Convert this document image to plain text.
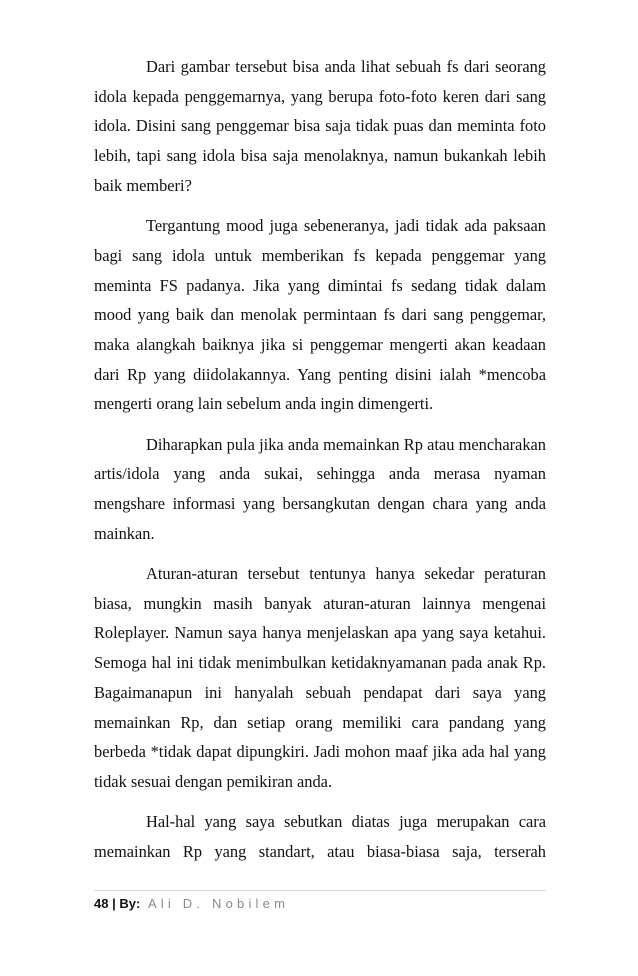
Dari gambar tersebut bisa anda lihat sebuah fs dari seorang idola kepada penggemarnya, yang berupa foto-foto keren dari sang idola. Disini sang penggemar bisa saja tidak puas dan meminta foto lebih, tapi sang idola bisa saja menolaknya, namun bukankah lebih baik memberi?

Tergantung mood juga sebeneranya, jadi tidak ada paksaan bagi sang idola untuk memberikan fs kepada penggemar yang meminta FS padanya. Jika yang dimintai fs sedang tidak dalam mood yang baik dan menolak permintaan fs dari sang penggemar, maka alangkah baiknya jika si penggemar mengerti akan keadaan dari Rp yang diidolakannya. Yang penting disini ialah *mencoba mengerti orang lain sebelum anda ingin dimengerti.

Diharapkan pula jika anda memainkan Rp atau mencharakan artis/idola yang anda sukai, sehingga anda merasa nyaman mengshare informasi yang bersangkutan dengan chara yang anda mainkan.

Aturan-aturan tersebut tentunya hanya sekedar peraturan biasa, mungkin masih banyak aturan-aturan lainnya mengenai Roleplayer. Namun saya hanya menjelaskan apa yang saya ketahui. Semoga hal ini tidak menimbulkan ketidaknyamanan pada anak Rp. Bagaimanapun ini hanyalah sebuah pendapat dari saya yang memainkan Rp, dan setiap orang memiliki cara pandang yang berbeda *tidak dapat dipungkiri. Jadi mohon maaf jika ada hal yang tidak sesuai dengan pemikiran anda.

Hal-hal yang saya sebutkan diatas juga merupakan cara memainkan Rp yang standart, atau biasa-biasa saja, terserah

48 | By: Ali D. Nobilem
